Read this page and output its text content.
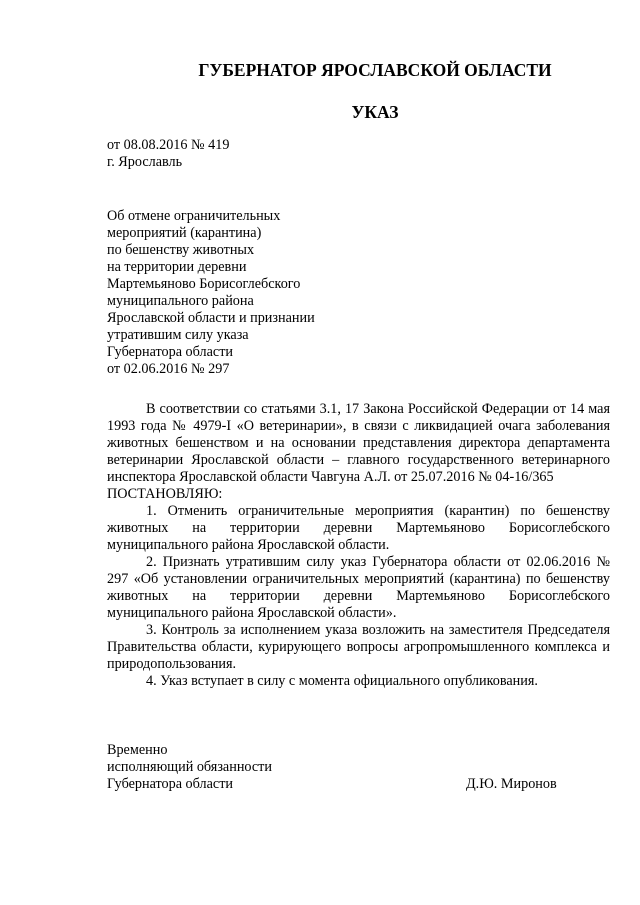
ГУБЕРНАТОР ЯРОСЛАВСКОЙ ОБЛАСТИ
УКАЗ
от 08.08.2016 № 419
г. Ярославль
Об отмене ограничительных
мероприятий (карантина)
по бешенству животных
на территории деревни
Мартемьяново Борисоглебского
муниципального района
Ярославской области и признании
утратившим силу указа
Губернатора области
от 02.06.2016 № 297

В соответствии со статьями 3.1, 17 Закона Российской Федерации от 14 мая 1993 года № 4979-I «О ветеринарии», в связи с ликвидацией очага заболевания животных бешенством и на основании представления директора департамента ветеринарии Ярославской области – главного государственного ветеринарного инспектора Ярославской области Чавгуна А.Л. от 25.07.2016 № 04-16/365

ПОСТАНОВЛЯЮ:

1. Отменить ограничительные мероприятия (карантин) по бешенству животных на территории деревни Мартемьяново Борисоглебского муниципального района Ярославской области.

2. Признать утратившим силу указ Губернатора области от 02.06.2016 № 297 «Об установлении ограничительных мероприятий (карантина) по бешенству животных на территории деревни Мартемьяново Борисоглебского муниципального района Ярославской области».

3. Контроль за исполнением указа возложить на заместителя Председателя Правительства области, курирующего вопросы агропромышленного комплекса и природопользования.

4. Указ вступает в силу с момента официального опубликования.

Временно
исполняющий обязанности
Губернатора области	Д.Ю. Миронов
